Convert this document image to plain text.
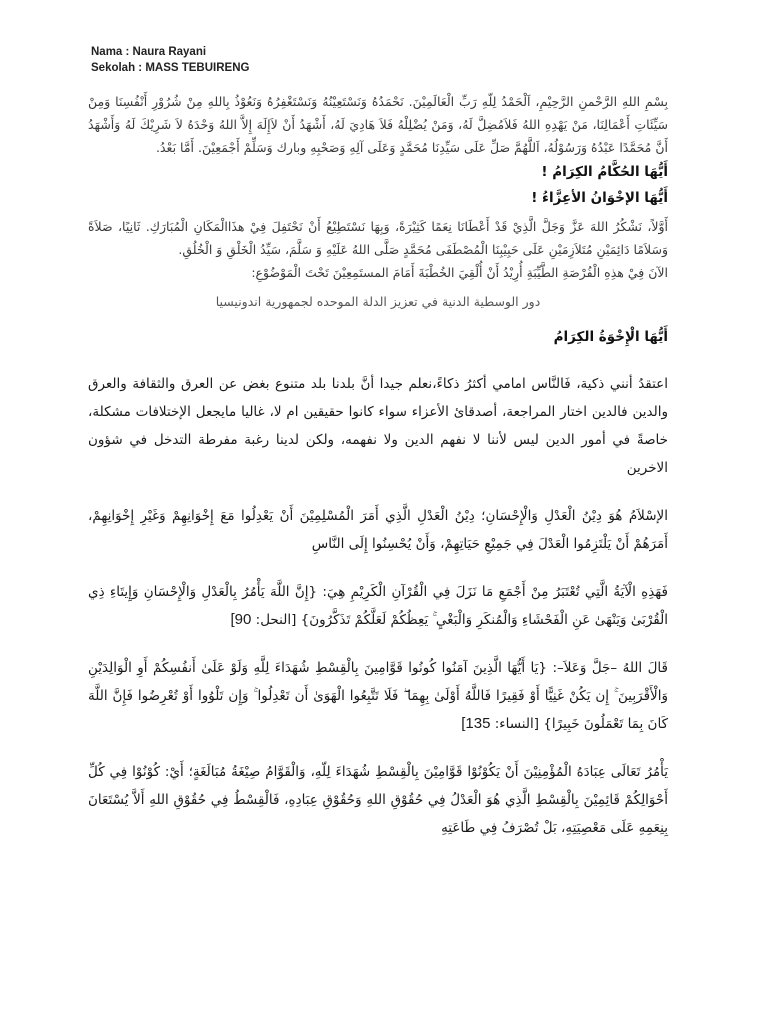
Nama : Naura Rayani
Sekolah : MASS TEBUIRENG

بِسْمِ اللهِ الرَّحْمنِ الرَّحِيْمِ، اَلْحَمْدُ لِلّهِ رَبِّ الْعَالَمِيْنَ. نَحْمَدُهُ وَنَسْتَعِيْنُهُ وَنَسْتَغْفِرُهُ وَنَعُوْذُ بِاللهِ مِنْ شُرُوْرِ أَنْفُسِنَا وَمِنْ سَيِّئَاتِ أَعْمَالِنَا، مَنْ يَهْدِهِ اللهُ فَلاَمُضِلَّ لَهُ، وَمَنْ يُضْلِلْهُ فَلاَ هَادِيَ لَهُ، أَشْهَدُ أَنْ لاَإِلَهَ إِلاَّ اللهُ وَحْدَهُ لاَ شَرِيْكَ لَهُ وَأَشْهَدُ أَنَّ مُحَمَّدًا عَبْدُهُ وَرَسُوْلُهُ، اَللَّهُمَّ صَلِّ عَلَى سَيِّدِنَا مُحَمَّدٍ وَعَلَى آلِهِ وَصَحْبِهِ وبارك وَسَلِّمْ أَجْمَعِيْنَ. أَمَّا بَعْدُ.

أَيُّهَا الحُكَّامُ الكِرَامُ !

أَيُّهَا الإخْوَانُ الأعِزَّاءُ !

أَوَّلاً، نَشْكُرُ اللهَ عَزَّ وَجَلَّ الَّذِيْ قَدْ أَعْطَانَا نِعَمًا كَثِيْرَةً، وَبِهَا نَسْتَطِيْعُ أَنْ نَحْتَفِلَ فِيْ هذَاالْمَكَانِ الْمُبَارَكِ. ثَانِيًا، صَلاَةً وَسَلاَمًا دَائِمَيْنِ مُتَلاَزِمَيْنِ عَلَى حَبِيْبِنَا الْمُصْطَفَى مُحَمَّدٍ صَلَّى اللهُ عَلَيْهِ وَ سَلَّمَ، سَيِّدُ الْخَلْقِ وَ الْخُلُقِ.

الآنَ فِيْ هذِهِ الْفُرْصَةِ الطَّيِّبَةِ أُرِيْدُ أَنْ أُلْقِيَ الخُطْبَةَ أَمَامَ المستَمِعِيْنَ تَحْتَ الْمَوْضُوْعِ:

دور الوسطية الدنية في تعزيز الدلة الموحده لجمهورية اندونيسيا

أَيُّهَا الْإِخْوَةُ الكِرَامُ

اعتقدُ أنني ذكية، فَالنَّاس امامي أكثرُ ذكاءً،نعلم جيدا أنَّ بلدنا بلد متنوع بغض عن العرق والثقافة والعرق والدين فالدين اختار المراجعة، أصدقائ الأعزاء سواء كانوا حقيقين ام لا، غاليا مايجعل الإختلافات مشكلة، خاصةً في أمور الدين ليس لأننا لا نفهم الدين ولا نفهمه، ولكن لدينا رغبة مفرطة التدخل في شؤون الاخرين

الإسْلاَمُ هُوَ دِيْنُ الْعَدْلِ وَالْإِحْسَانِ؛ دِيْنُ الْعَدْلِ الَّذِي أَمَرَ الْمُسْلِمِيْنَ أَنْ يَعْدِلُوا مَعَ إِخْوَانِهِمْ وَغَيْرِ إِخْوَانِهِمْ، أَمَرَهُمْ أَنْ يَلْتَزِمُوا الْعَدْلَ فِي جَمِيْعِ حَيَاتِهِمْ، وَأَنْ يُحْسِنُوا إِلَى النَّاسِ

فَهَذِهِ الْآيَةُ الَّتِي تُعْتَبَرُ مِنْ أَجْمَعِ مَا نَزَلَ فِي الْقُرْآنِ الْكَرِيْمِ هِيَ: {إِنَّ اللَّهَ يَأْمُرُ بِالْعَدْلِ وَالْإِحْسَانِ وَإِيتَاءِ ذِي الْقُرْبَىٰ وَيَنْهَىٰ عَنِ الْفَحْشَاءِ وَالْمُنكَرِ وَالْبَغْيِ ۚ يَعِظُكُمْ لَعَلَّكُمْ تَذَكَّرُونَ} [النحل: 90]

قَالَ اللهُ –جَلَّ وَعَلاَ–: {يَا أَيُّهَا الَّذِينَ آمَنُوا كُونُوا قَوَّامِينَ بِالْقِسْطِ شُهَدَاءَ لِلَّهِ وَلَوْ عَلَىٰ أَنفُسِكُمْ أَوِ الْوَالِدَيْنِ وَالْأَقْرَبِينَ ۚ إِن يَكُنْ غَنِيًّا أَوْ فَقِيرًا فَاللَّهُ أَوْلَىٰ بِهِمَا ۖ فَلَا تَتَّبِعُوا الْهَوَىٰ أَن تَعْدِلُوا ۚ وَإِن تَلْوُوا أَوْ تُعْرِضُوا فَإِنَّ اللَّهَ كَانَ بِمَا تَعْمَلُونَ خَبِيرًا} [النساء: 135]

يَأْمُرُ تَعَالَى عِبَادَهُ الْمُؤْمِنِيْنَ أَنْ يَكُوْنُوْا قَوَّامِيْنَ بِالْقِسْطِ شُهَدَاءَ لِلّهِ، وَالْقَوَّامُ صِيْغَةُ مُبَالَغَةٍ؛ أَيْ: كُوْنُوْا فِي كُلِّ أَحْوَالِكُمْ قَائِمِيْنَ بِالْقِسْطِ الَّذِي هُوَ الْعَدْلُ فِي حُقُوْقِ اللهِ وَحُقُوْقِ عِبَادِهِ، فَالْقِسْطُ فِي حُقُوْقِ اللهِ أَلاَّ يُسْتَعَانَ بِنِعَمِهِ عَلَى مَعْصِيَتِهِ، بَلْ تُصْرَفُ فِي طَاعَتِهِ
